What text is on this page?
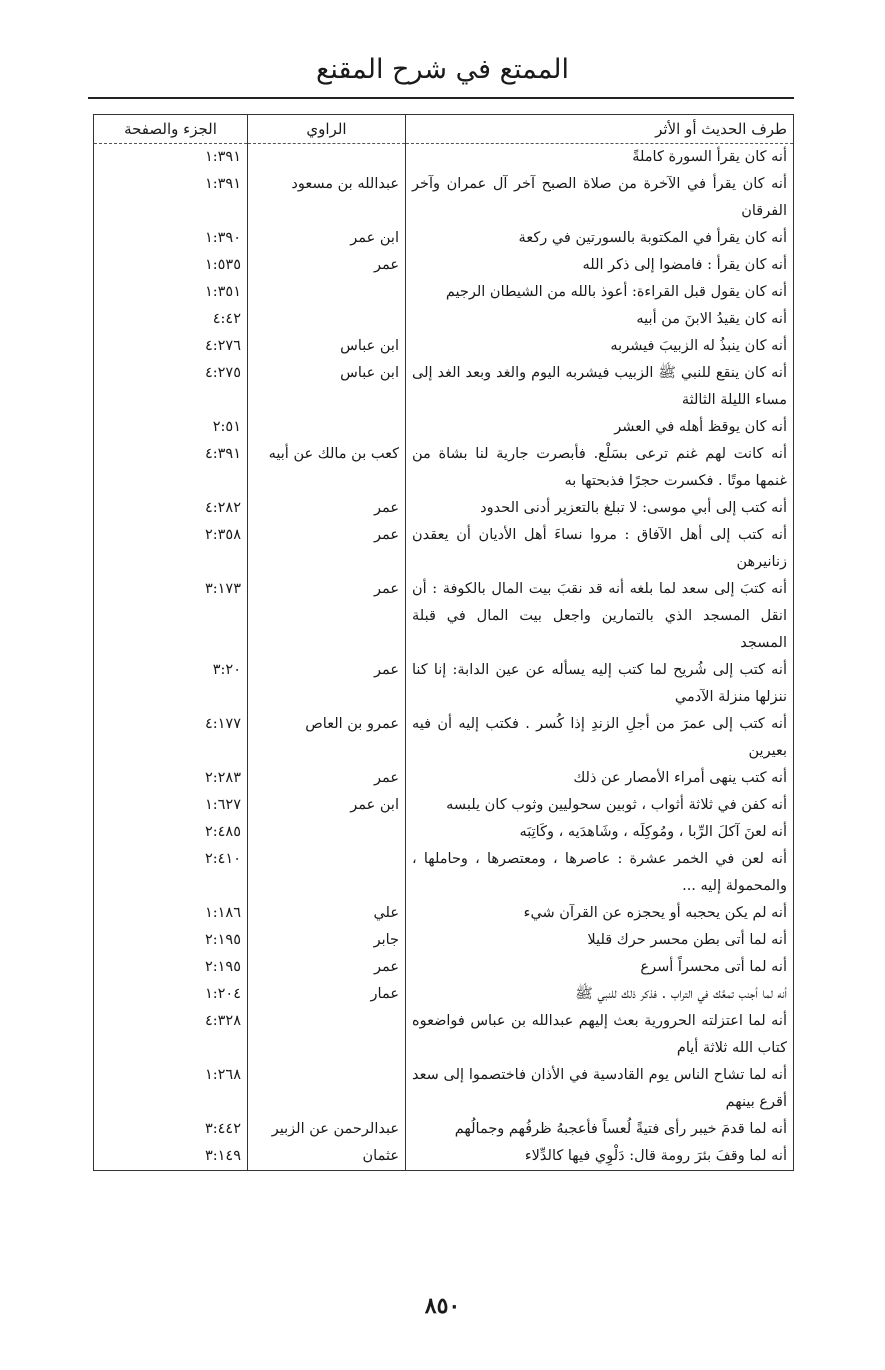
الممتع في شرح المقنع
طرف الحديث أو الأثر	الراوي	الجزء والصفحة
أنه كان يقرأ السورة كاملةً		١:٣٩١
أنه كان يقرأ في الآخرة من صلاة الصبح آخر آل عمران وآخر الفرقان	عبدالله بن مسعود	١:٣٩١
أنه كان يقرأ في المكتوبة بالسورتين في ركعة	ابن عمر	١:٣٩٠
أنه كان يقرأ : فامضوا إلى ذكر الله	عمر	١:٥٣٥
أنه كان يقول قبل القراءة: أعوذ بالله من الشيطان الرجيم		١:٣٥١
أنه كان يقيدُ الابنَ من أبيه		٤:٤٢
أنه كان ينبذُ له الزبيبَ فيشربه	ابن عباس	٤:٢٧٦
أنه كان ينقع للنبي ﷺ الزبيب فيشربه اليوم والغد وبعد الغد إلى مساء الليلة الثالثة	ابن عباس	٤:٢٧٥
أنه كان يوقظ أهله في العشر		٢:٥١
أنه كانت لهم غنم ترعى بسَلْع. فأبصرت جارية لنا بشاة من غنمها موتًا . فكسرت حجرًا فذبحتها به	كعب بن مالك عن أبيه	٤:٣٩١
أنه كتب إلى أبي موسى: لا تبلغ بالتعزير أدنى الحدود	عمر	٤:٢٨٢
أنه كتب إلى أهل الآفاق : مروا نساءَ أهل الأديان أن يعقدن زنانيرهن	عمر	٢:٣٥٨
أنه كتبَ إلى سعد لما بلغه أنه قد نقبَ بيت المال بالكوفة : أن انقل المسجد الذي بالتمارين واجعل بيت المال في قبلة المسجد	عمر	٣:١٧٣
أنه كتب إلى شُريح لما كتب إليه يسأله عن عين الدابة: إنا كنا ننزلها منزلة الآدمي	عمر	٣:٢٠
أنه كتب إلى عمرَ من أجلِ الزندِ إذا كُسر . فكتب إليه أن فيه بعيرين	عمرو بن العاص	٤:١٧٧
أنه كتب ينهى أمراء الأمصار عن ذلك	عمر	٢:٢٨٣
أنه كفن في ثلاثة أثواب ، ثوبين سحوليين وثوب كان يلبسه	ابن عمر	١:٦٢٧
أنه لعنَ آكلَ الرِّبا ، ومُوكِلَه ، وشَاهدَيه ، وكَاتِبَه		٢:٤٨٥
أنه لعن في الخمر عشرة : عاصرها ، ومعتصرها ، وحاملها ، والمحمولة إليه ...		٢:٤١٠
أنه لم يكن يحجبه أو يحجزه عن القرآن شيء	علي	١:١٨٦
أنه لما أتى بطن محسر حرك قليلا	جابر	٢:١٩٥
أنه لما أتى محسراً أسرع	عمر	٢:١٩٥
أنه لما أجنب تمعَّك في التراب . فذكر ذلك للنبي ﷺ	عمار	١:٢٠٤
أنه لما اعتزلته الحرورية بعث إليهم عبدالله بن عباس فواضعوه كتاب الله ثلاثة أيام		٤:٣٢٨
أنه لما تشاح الناس يوم القادسية في الأذان فاختصموا إلى سعد أقرع بينهم		١:٢٦٨
أنه لما قدمَ خيبر رأى فتيةً لُعساً فأعجبهُ ظرفُهم وجمالُهم	عبدالرحمن عن الزبير	٣:٤٤٢
أنه لما وقفَ بئرَ رومة قال: دَلْوِي فيها كالدِّلاء	عثمان	٣:١٤٩
٨٥٠
